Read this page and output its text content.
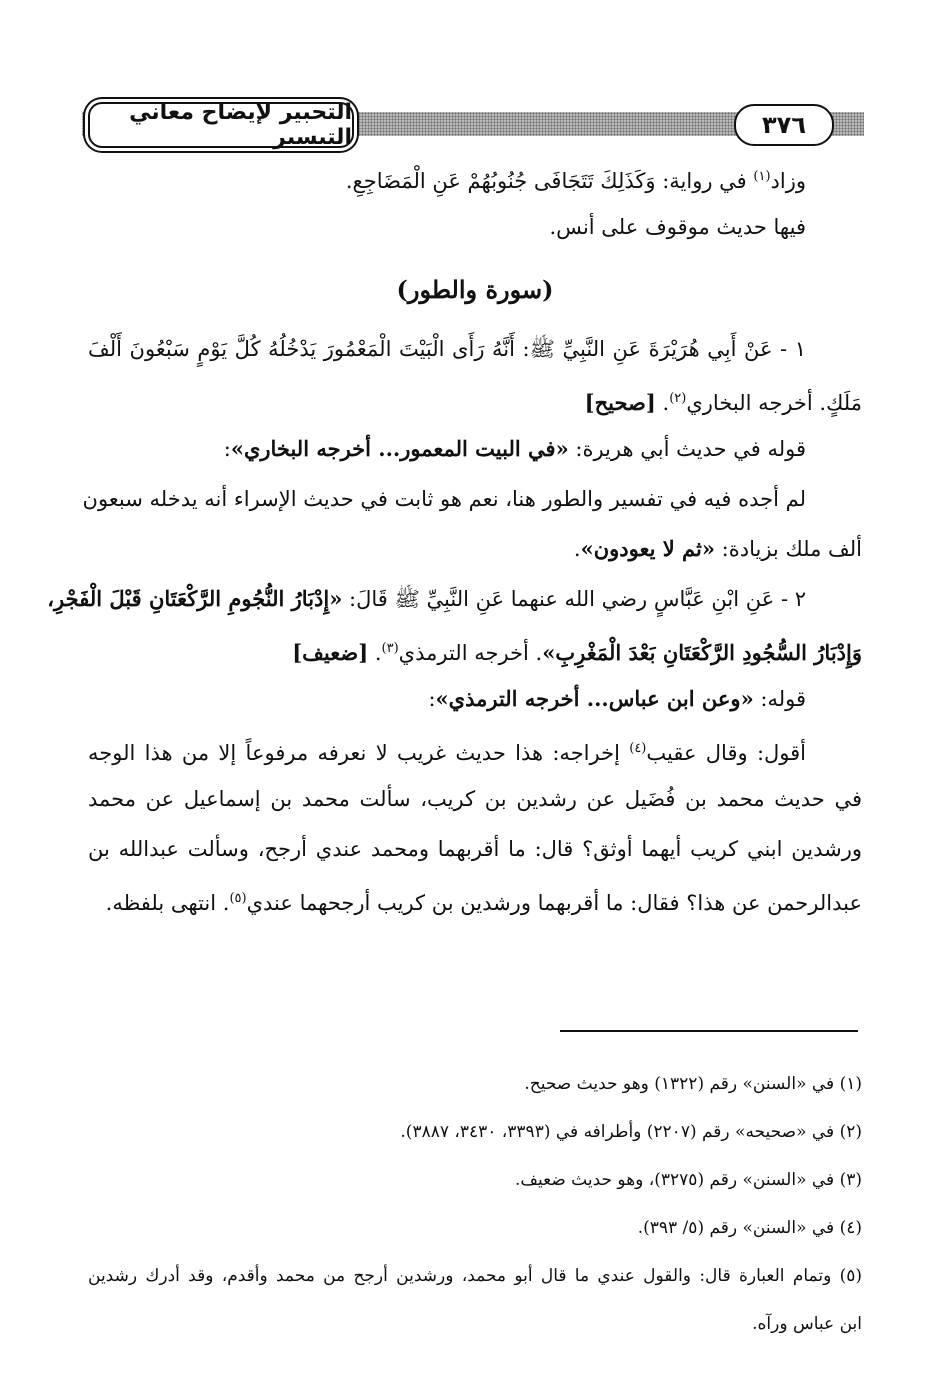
التحبير لإيضاح معاني التيسير	٣٧٦
وزاد$^{(١)}$ في رواية: وَكَذَلِكَ تَتَجَافَى جُنُوبُهُمْ عَنِ الْمَضَاجِعِ.
فيها حديث موقوف على أنس.
(سورة والطور)
١ - عَنْ أَبِي هُرَيْرَةَ عَنِ النَّبِيِّ ﷺ: أَنَّهُ رَأَى الْبَيْتَ الْمَعْمُورَ يَدْخُلُهُ كُلَّ يَوْمٍ سَبْعُونَ أَلْفَ
مَلَكٍ. أخرجه البخاري$^{(٢)}$. [صحيح]
قوله في حديث أبي هريرة: «في البيت المعمور... أخرجه البخاري»:
لم أجده فيه في تفسير والطور هنا، نعم هو ثابت في حديث الإسراء أنه يدخله سبعون
ألف ملك بزيادة: «ثم لا يعودون».
٢ - عَنِ ابْنِ عَبَّاسٍ رضي الله عنهما عَنِ النَّبِيِّ ﷺ قَالَ: «إِدْبَارُ النُّجُومِ الرَّكْعَتَانِ قَبْلَ الْفَجْرِ،
وَإِدْبَارُ السُّجُودِ الرَّكْعَتَانِ بَعْدَ الْمَغْرِبِ». أخرجه الترمذي$^{(٣)}$. [ضعيف]
قوله: «وعن ابن عباس... أخرجه الترمذي»:
أقول: وقال عقيب$^{(٤)}$ إخراجه: هذا حديث غريب لا نعرفه مرفوعاً إلا من هذا الوجه
في حديث محمد بن فُضَيل عن رشدين بن كريب، سألت محمد بن إسماعيل عن محمد
ورشدين ابني كريب أيهما أوثق؟ قال: ما أقربهما ومحمد عندي أرجح، وسألت عبدالله بن
عبدالرحمن عن هذا؟ فقال: ما أقربهما ورشدين بن كريب أرجحهما عندي$^{(٥)}$. انتهى بلفظه.
(١) في «السنن» رقم (١٣٢٢) وهو حديث صحيح.
(٢) في «صحيحه» رقم (٢٢٠٧) وأطرافه في (٣٣٩٣، ٣٤٣٠، ٣٨٨٧).
(٣) في «السنن» رقم (٣٢٧٥)، وهو حديث ضعيف.
(٤) في «السنن» رقم (٥/ ٣٩٣).
(٥) وتمام العبارة قال: والقول عندي ما قال أبو محمد، ورشدين أرجح من محمد وأقدم، وقد أدرك رشدين
ابن عباس ورآه.
